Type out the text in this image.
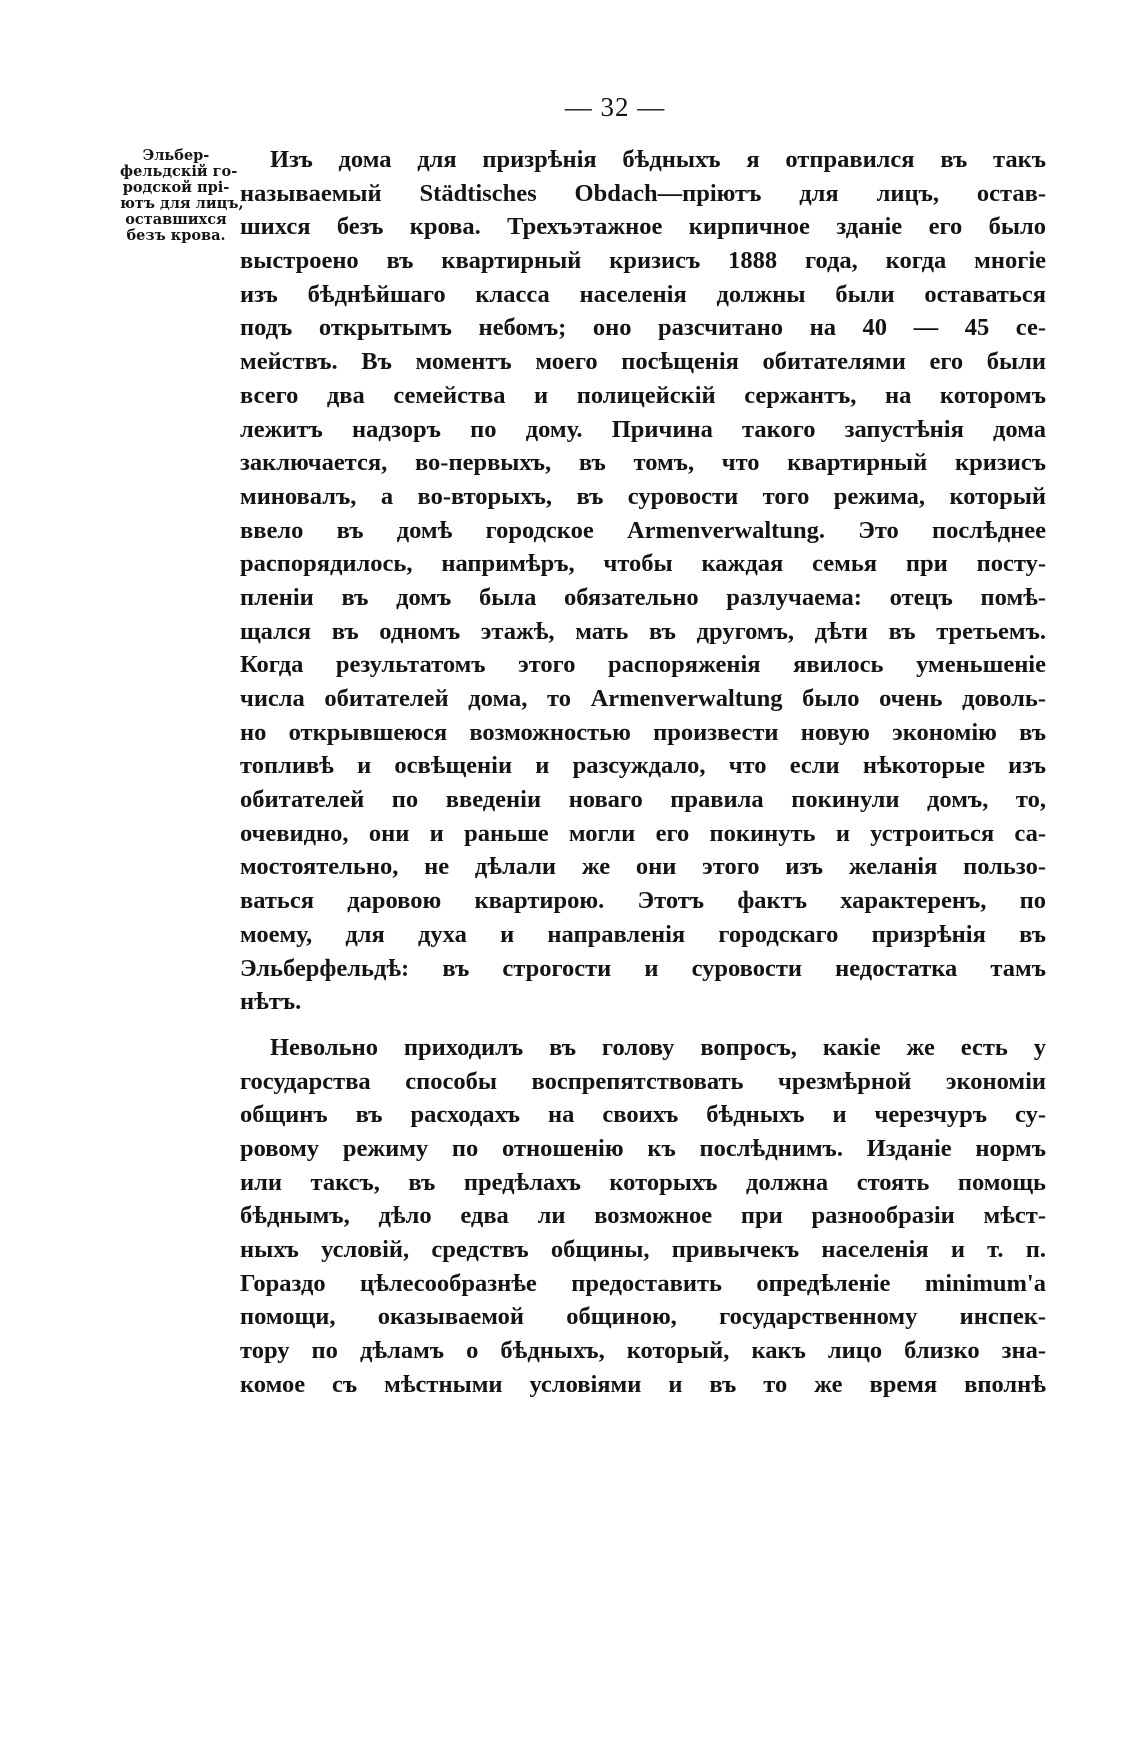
— 32 —
Эльбер-
фельдскій го-
родской прі-
ютъ для лицъ,
оставшихся
безъ крова.
Изъ дома для призрѣнія бѣдныхъ я отправился въ такъ
называемый Städtisches Obdach—пріютъ для лицъ, остав-
шихся безъ крова. Трехъэтажное кирпичное зданіе его было
выстроено въ квартирный кризисъ 1888 года, когда многіе
изъ бѣднѣйшаго класса населенія должны были оставаться
подъ открытымъ небомъ; оно разсчитано на 40 — 45 се-
мействъ. Въ моментъ моего посѣщенія обитателями его были
всего два семейства и полицейскій сержантъ, на которомъ
лежитъ надзоръ по дому. Причина такого запустѣнія дома
заключается, во-первыхъ, въ томъ, что квартирный кризисъ
миновалъ, а во-вторыхъ, въ суровости того режима, который
ввело въ домѣ городское Armenverwaltung. Это послѣднее
распорядилось, напримѣръ, чтобы каждая семья при посту-
пленіи въ домъ была обязательно разлучаема: отецъ помѣ-
щался въ одномъ этажѣ, мать въ другомъ, дѣти въ третьемъ.
Когда результатомъ этого распоряженія явилось уменьшеніе
числа обитателей дома, то Armenverwaltung было очень доволь-
но открывшеюся возможностью произвести новую экономію въ
топливѣ и освѣщеніи и разсуждало, что если нѣкоторые изъ
обитателей по введеніи новаго правила покинули домъ, то,
очевидно, они и раньше могли его покинуть и устроиться са-
мостоятельно, не дѣлали же они этого изъ желанія пользо-
ваться даровою квартирою. Этотъ фактъ характеренъ, по
моему, для духа и направленія городскаго призрѣнія въ
Эльберфельдѣ: въ строгости и суровости недостатка тамъ
нѣтъ.
Невольно приходилъ въ голову вопросъ, какіе же есть у
государства способы воспрепятствовать чрезмѣрной экономіи
общинъ въ расходахъ на своихъ бѣдныхъ и черезчуръ су-
ровому режиму по отношенію къ послѣднимъ. Изданіе нормъ
или таксъ, въ предѣлахъ которыхъ должна стоять помощь
бѣднымъ, дѣло едва ли возможное при разнообразіи мѣст-
ныхъ условій, средствъ общины, привычекъ населенія и т. п.
Гораздо цѣлесообразнѣе предоставить опредѣленіе minimum'а
помощи, оказываемой общиною, государственному инспек-
тору по дѣламъ о бѣдныхъ, который, какъ лицо близко зна-
комое съ мѣстными условіями и въ то же время вполнѣ
